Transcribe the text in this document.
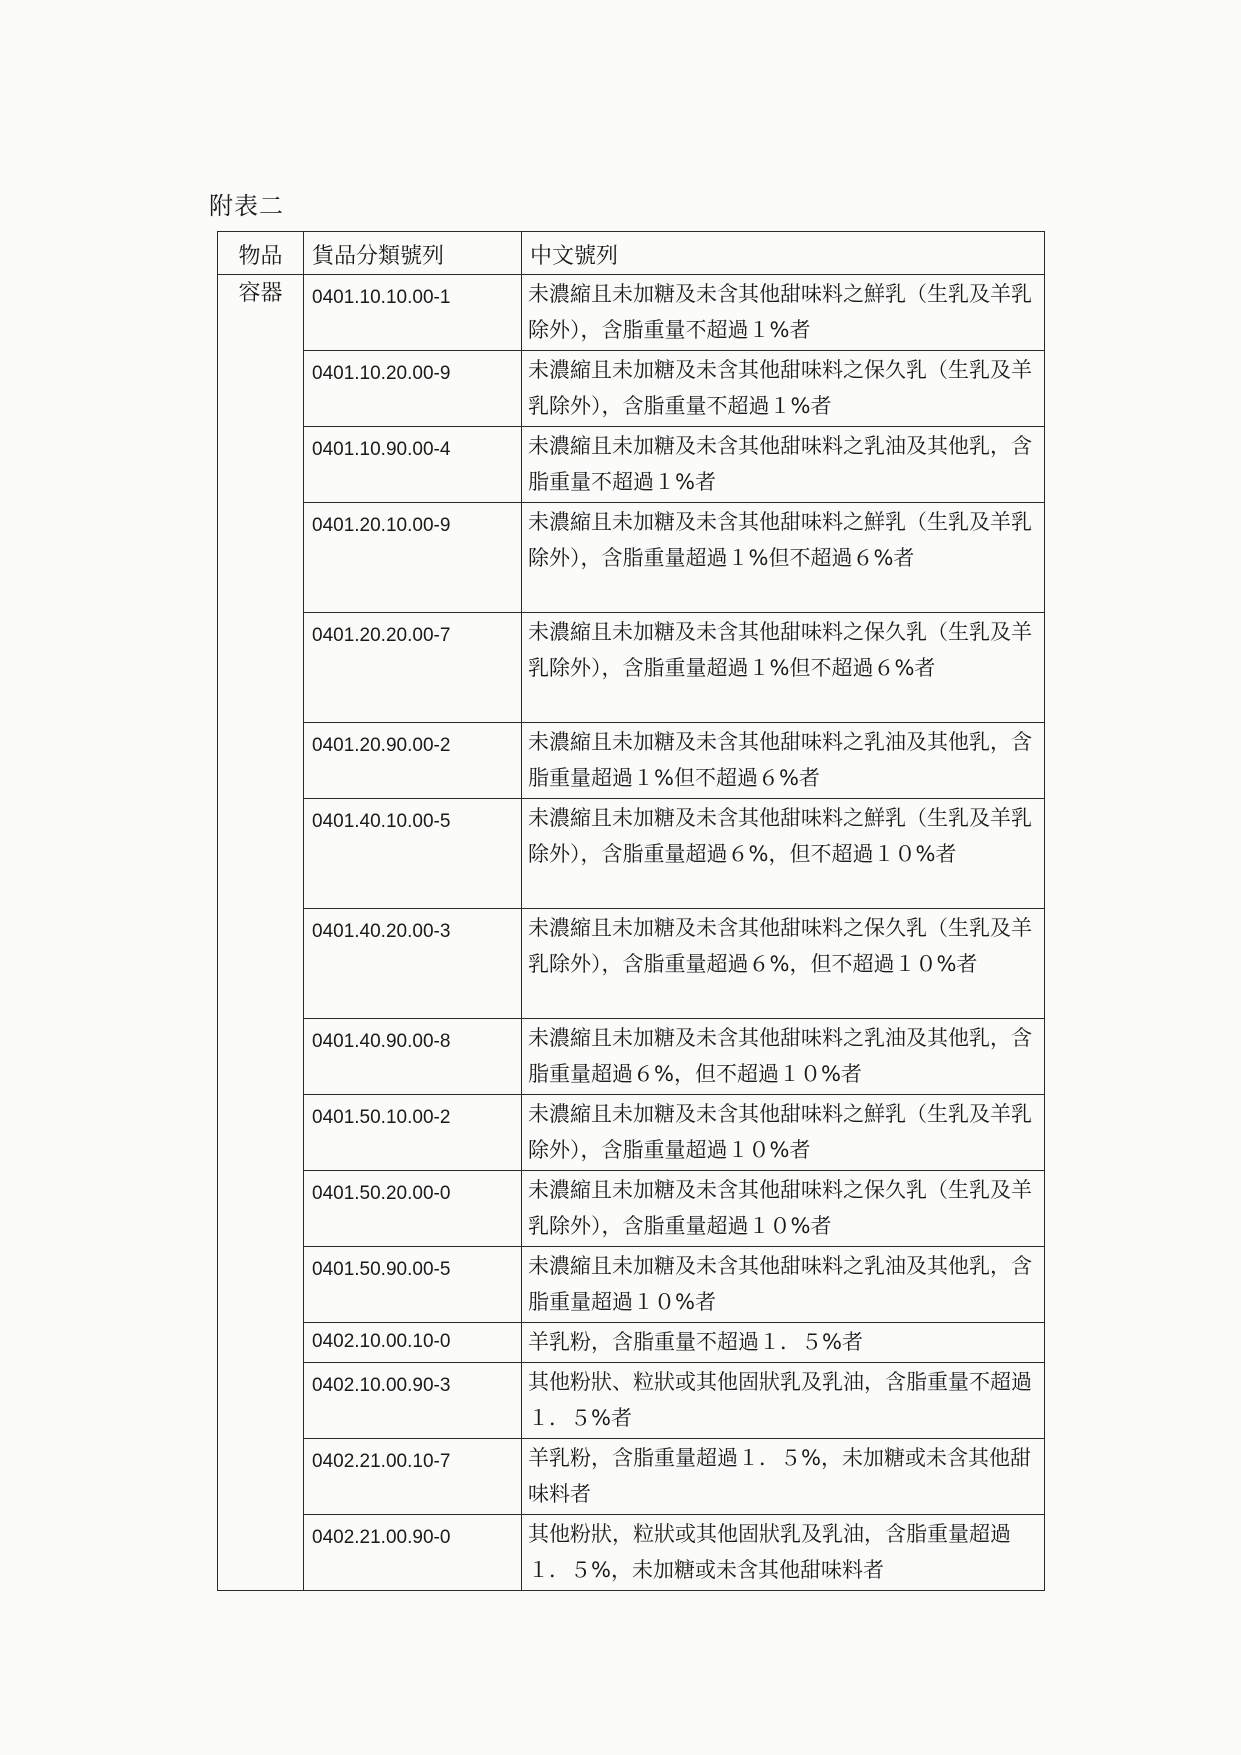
附表二
物品	貨品分類號列	中文號列
容器	0401.10.10.00-1	未濃縮且未加糖及未含其他甜味料之鮮乳（生乳及羊乳除外），含脂重量不超過１%者
	0401.10.20.00-9	未濃縮且未加糖及未含其他甜味料之保久乳（生乳及羊乳除外），含脂重量不超過１%者
	0401.10.90.00-4	未濃縮且未加糖及未含其他甜味料之乳油及其他乳，含脂重量不超過１%者
	0401.20.10.00-9	未濃縮且未加糖及未含其他甜味料之鮮乳（生乳及羊乳除外），含脂重量超過１%但不超過６%者
	0401.20.20.00-7	未濃縮且未加糖及未含其他甜味料之保久乳（生乳及羊乳除外），含脂重量超過１%但不超過６%者
	0401.20.90.00-2	未濃縮且未加糖及未含其他甜味料之乳油及其他乳，含脂重量超過１%但不超過６%者
	0401.40.10.00-5	未濃縮且未加糖及未含其他甜味料之鮮乳（生乳及羊乳除外），含脂重量超過６%，但不超過１０%者
	0401.40.20.00-3	未濃縮且未加糖及未含其他甜味料之保久乳（生乳及羊乳除外），含脂重量超過６%，但不超過１０%者
	0401.40.90.00-8	未濃縮且未加糖及未含其他甜味料之乳油及其他乳，含脂重量超過６%，但不超過１０%者
	0401.50.10.00-2	未濃縮且未加糖及未含其他甜味料之鮮乳（生乳及羊乳除外），含脂重量超過１０%者
	0401.50.20.00-0	未濃縮且未加糖及未含其他甜味料之保久乳（生乳及羊乳除外），含脂重量超過１０%者
	0401.50.90.00-5	未濃縮且未加糖及未含其他甜味料之乳油及其他乳，含脂重量超過１０%者
	0402.10.00.10-0	羊乳粉，含脂重量不超過１．５%者
	0402.10.00.90-3	其他粉狀、粒狀或其他固狀乳及乳油，含脂重量不超過１．５%者
	0402.21.00.10-7	羊乳粉，含脂重量超過１．５%，未加糖或未含其他甜味料者
	0402.21.00.90-0	其他粉狀，粒狀或其他固狀乳及乳油，含脂重量超過１．５%，未加糖或未含其他甜味料者
